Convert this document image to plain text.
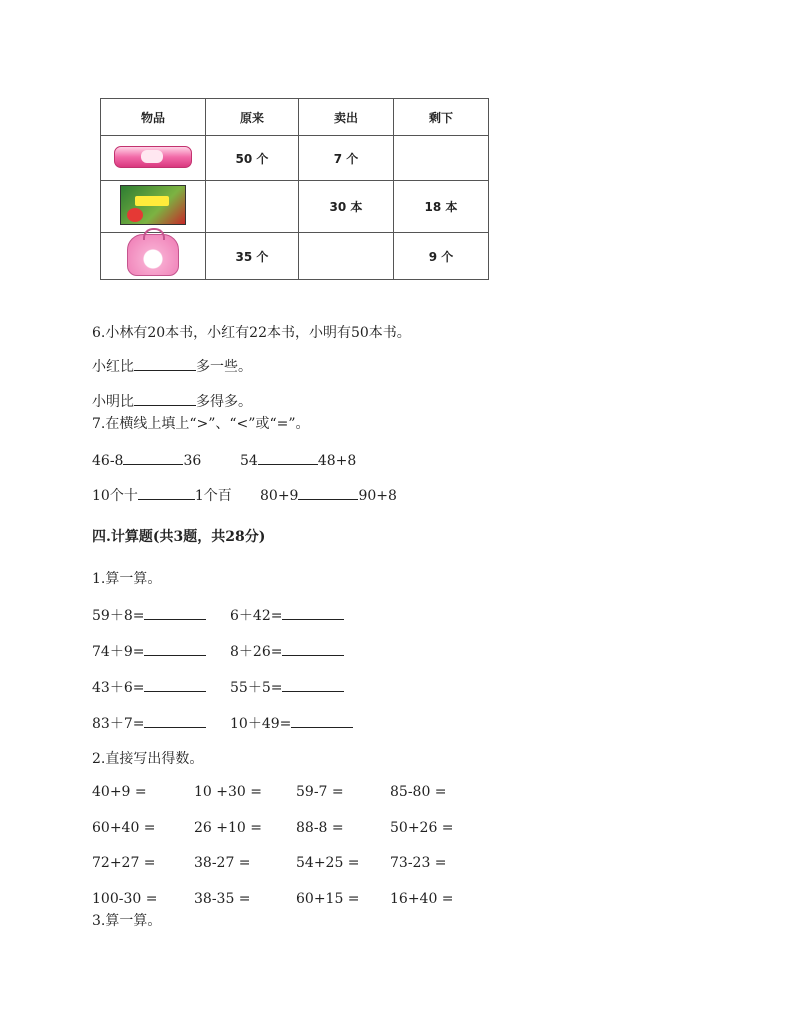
物品	原来	卖出	剩下
	50 个	7 个	
		30 本	18 本
	35 个		9 个
6.小林有20本书，小红有22本书，小明有50本书。
小红比	多一些。
小明比	多得多。
7.在横线上填上“>”、“<”或“=”。
46-8	36	54	48+8
10个十	1个百 80+9	90+8
四.计算题(共3题，共28分)
1.算一算。
59＋8=	6＋42=
74＋9=	8＋26=
43＋6=	55＋5=
83＋7=	10＋49=
2.直接写出得数。
40+9 =	10 +30 = 59-7 =	85-80 =
60+40 =	26 +10 = 88-8 =	50+26 =
72+27 =	38-27 =	54+25 = 73-23 =
100-30 =	38-35 =	60+15 = 16+40 =
3.算一算。
